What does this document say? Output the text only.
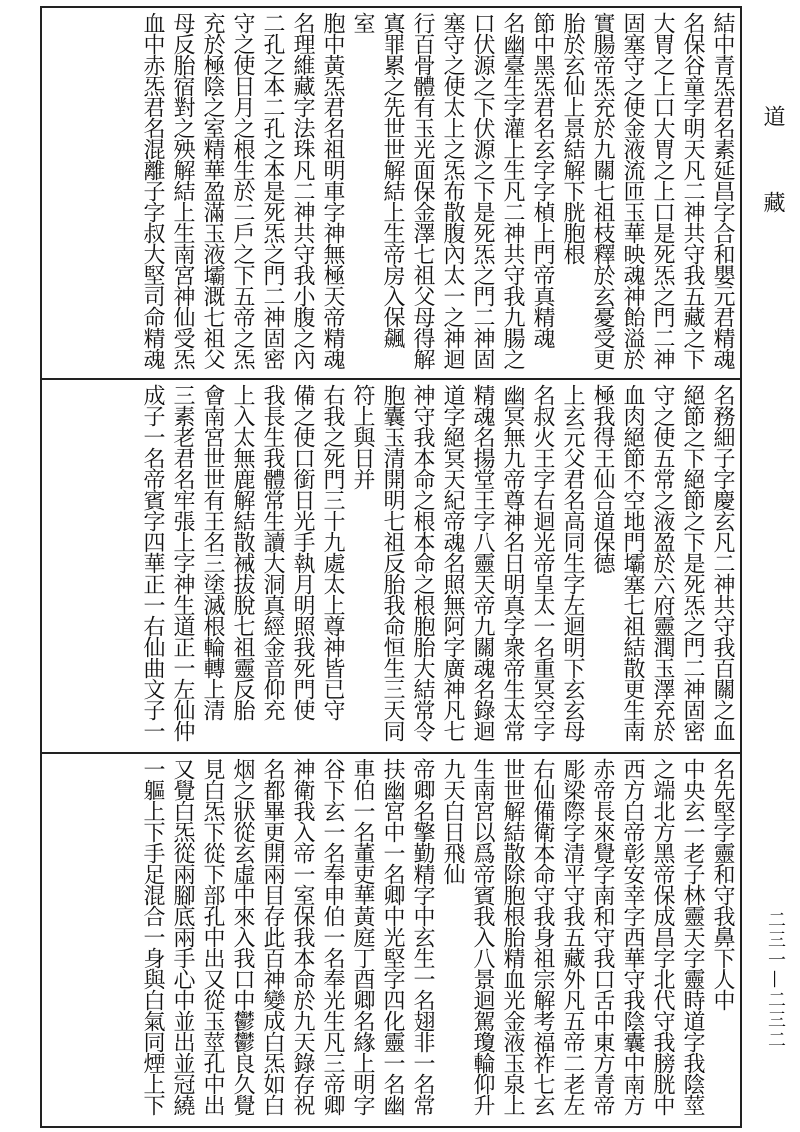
結中青炁君名素延昌字合和嬰元君精魂
名保谷童字明天凡二神共守我五藏之下
大胃之上口大胃之上口是死炁之門二神
固塞守之使金液流匝玉華映魂神飴溢於
實腸帝炁充於九關七祖枝釋於玄憂受更
胎於玄仙上景結解下胱胞根
節中黑炁君名玄字字楨上門帝真精魂
名幽臺生字灌上生凡二神共守我九腸之
口伏源之下伏源之下是死炁之門二神固
塞守之使太上之炁布散腹內太一之神迴
行百骨體有玉光面保金澤七祖父母得解
寘罪累之先世世解結上生帝房入保飆
室
胞中黃炁君名祖明車字神無極天帝精魂
名理維藏字法珠凡二神共守我小腹之內
二孔之本二孔之本是死炁之門二神固密
守之使日月之根生於二戶之下五帝之炁
充於極陰之室精華盈滿玉液壩溉七祖父
母反胎宿對之殃解結上生南宮神仙受炁
血中赤炁君名混離子字叔大堅司命精魂
名務細子字慶玄凡二神共守我百關之血
絕節之下絕節之下是死炁之門二神固密
守之使五常之液盈於六府靈潤玉澤充於
血肉絕節不空地門壩塞七祖結散更生南
極我得王仙合道保德
上玄元父君名高同生字左迴明下玄玄母
名叔火王字右迴光帝皇太一名重冥空字
幽冥無九帝尊神名日明真字衆帝生太常
精魂名揚堂王字八靈天帝九關魂名錄迴
道字絕冥天紀帝魂名照無阿字廣神凡七
神守我本命之根本命之根胞胎大結常令
胞囊玉清開明七祖反胎我命恒生三天同
符上與日并
右我之死門三十九處太上尊神皆已守
備之使口銜日光手執月明照我死門使
我長生我體常生讀大洞真經金音仰充
上入太無鹿解結散裓拔脫七祖靈反胎
會南宮世世有王名三塗滅根輪轉上清
三素老君名牢張上字神生道正一左仙仲
成子一名帝賓字四華正一右仙曲文子一
名先堅字靈和守我鼻下人中
中央玄一老子林靈天字靈時道字我陰莖
之端北方黑帝保成昌字北代守我膀胱中
西方白帝彰安幸字西華守我陰囊中南方
赤帝長來覺字南和守我口舌中東方青帝
彫梁際字清平守我五藏外凡五帝二老左
右仙備衛本命守我身祖宗解考福祚七玄
世世解結散除胞根胎精血光金液玉泉上
生南宮以爲帝賓我入八景迴駕瓊輪仰升
九天白日飛仙
帝卿名擎勤精字中玄生一名翅非一名常
扶幽宮中一名卿中光堅字四化靈一名幽
車伯一名董吏華黃庭丁酉卿名緣上明字
谷下玄一名奉申伯一名奉光生凡三帝卿
神衛我入帝一室保我本命於九天錄存祝
名都畢更開兩目存此百神變成白炁如白
烟之狀從玄虛中來入我口中鬱鬱良久覺
見白炁下從下部孔中出又從玉莖孔中出
又覺白炁從兩腳底兩手心中並出並冠繞
一軀上下手足混合一身與白氣同煙上下
道
藏
二三一—二三二
